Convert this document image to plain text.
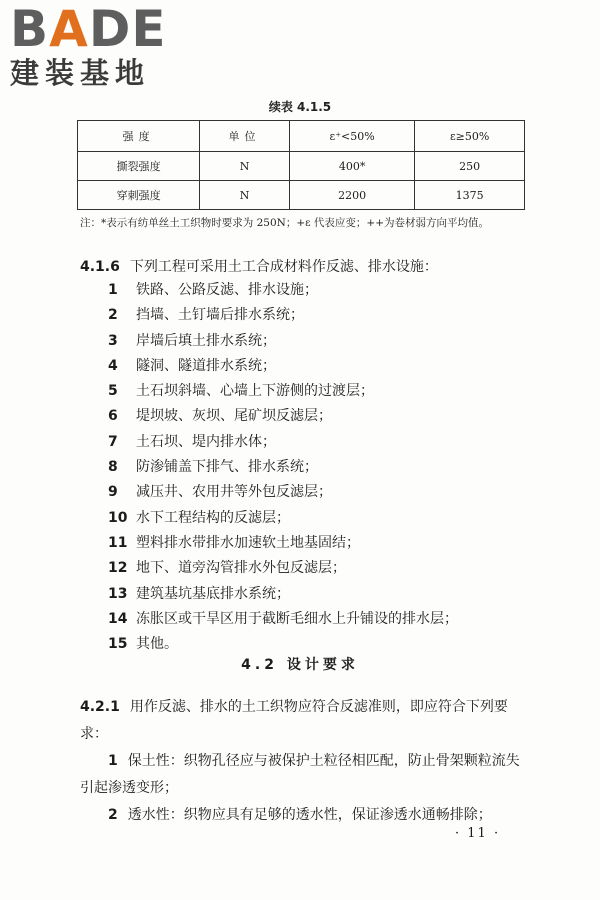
BADE
建装基地
续表 4.1.5
强度	单位	ε⁺<50%	ε≥50%
撕裂强度	N	400*	250
穿刺强度	N	2200	1375
注：*表示有纺单丝土工织物时要求为 250N；+ε 代表应变；++为卷材弱方向平均值。

4.1.6 下列工程可采用土工合成材料作反滤、排水设施：

1 铁路、公路反滤、排水设施；
2 挡墙、土钉墙后排水系统；
3 岸墙后填土排水系统；
4 隧洞、隧道排水系统；
5 土石坝斜墙、心墙上下游侧的过渡层；
6 堤坝坡、灰坝、尾矿坝反滤层；
7 土石坝、堤内排水体；
8 防渗铺盖下排气、排水系统；
9 减压井、农用井等外包反滤层；
10 水下工程结构的反滤层；
11 塑料排水带排水加速软土地基固结；
12 地下、道旁沟管排水外包反滤层；
13 建筑基坑基底排水系统；
14 冻胀区或干旱区用于截断毛细水上升铺设的排水层；
15 其他。
4.2 设计要求

4.2.1 用作反滤、排水的土工织物应符合反滤准则，即应符合下列要求：

1 保土性：织物孔径应与被保护土粒径相匹配，防止骨架颗粒流失引起渗透变形；

2 透水性：织物应具有足够的透水性，保证渗透水通畅排除；

· 11 ·
